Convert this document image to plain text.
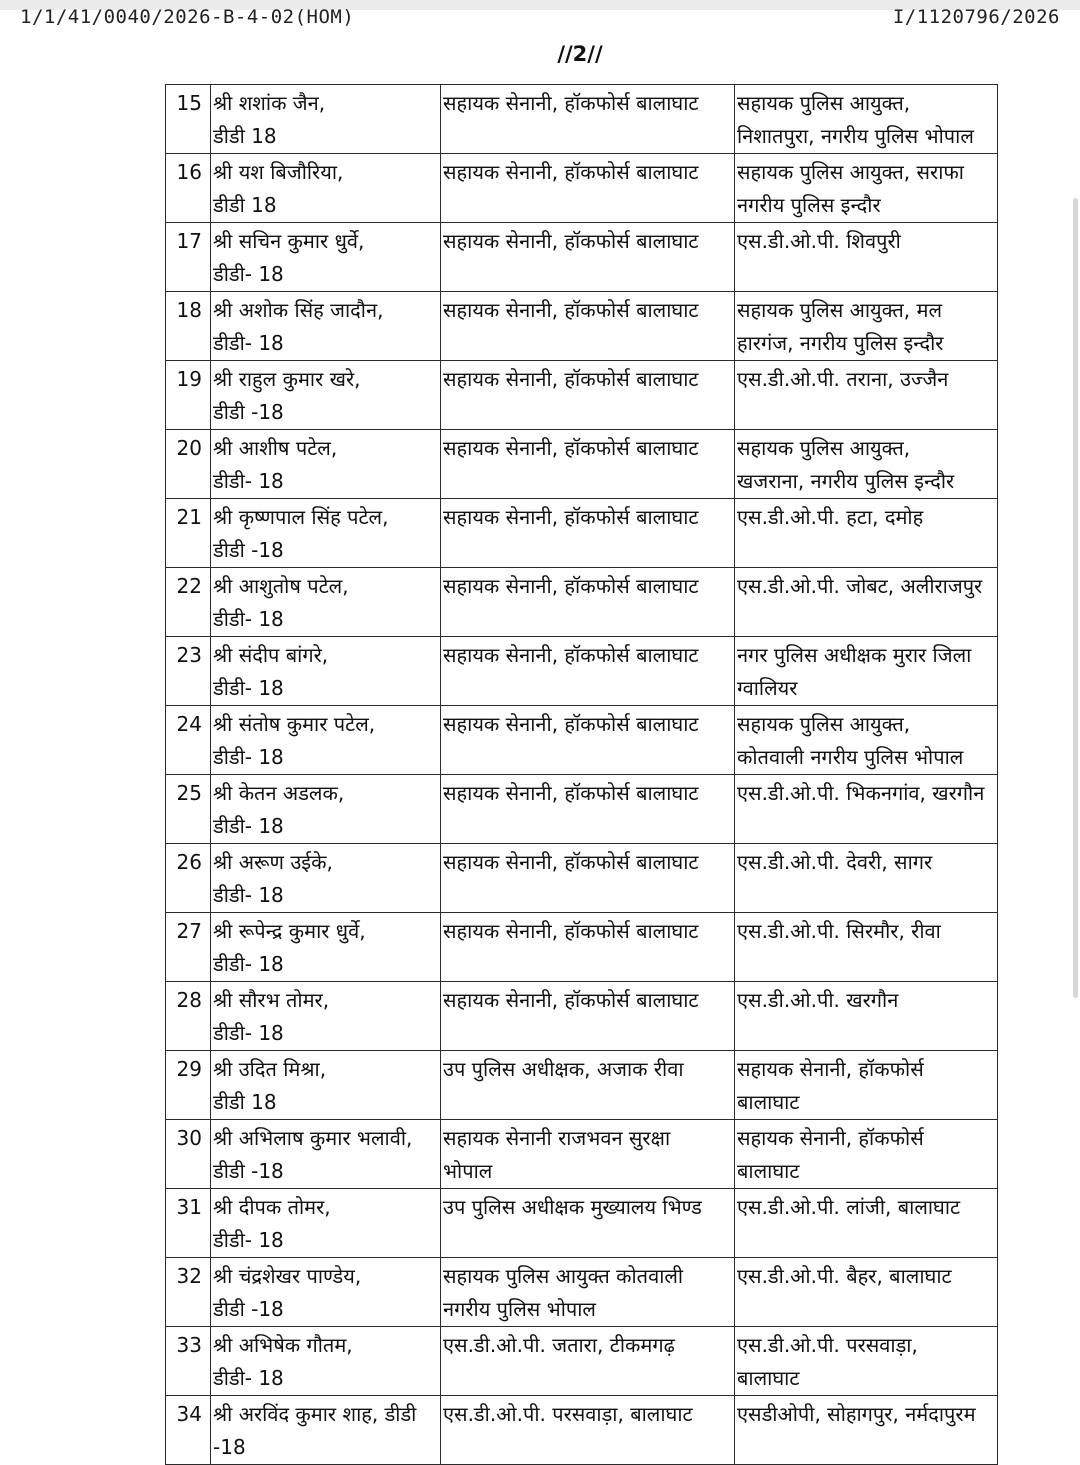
1/1/41/0040/2026-B-4-02(HOM)	I/1120796/2026
//2//
15	श्री शशांक जैन,
डीडी 18	सहायक सेनानी, हॉकफोर्स बालाघाट	सहायक पुलिस आयुक्त,
निशातपुरा, नगरीय पुलिस भोपाल

16	श्री यश बिजौरिया,
डीडी 18	सहायक सेनानी, हॉकफोर्स बालाघाट	सहायक पुलिस आयुक्त, सराफा
नगरीय पुलिस इन्दौर

17	श्री सचिन कुमार धुर्वे,
डीडी- 18	सहायक सेनानी, हॉकफोर्स बालाघाट	एस.डी.ओ.पी. शिवपुरी

18	श्री अशोक सिंह जादौन,
डीडी- 18	सहायक सेनानी, हॉकफोर्स बालाघाट	सहायक पुलिस आयुक्त, मल
हारगंज, नगरीय पुलिस इन्दौर

19	श्री राहुल कुमार खरे,
डीडी -18	सहायक सेनानी, हॉकफोर्स बालाघाट	एस.डी.ओ.पी. तराना, उज्जैन

20	श्री आशीष पटेल,
डीडी- 18	सहायक सेनानी, हॉकफोर्स बालाघाट	सहायक पुलिस आयुक्त,
खजराना, नगरीय पुलिस इन्दौर

21	श्री कृष्णपाल सिंह पटेल,
डीडी -18	सहायक सेनानी, हॉकफोर्स बालाघाट	एस.डी.ओ.पी. हटा, दमोह

22	श्री आशुतोष पटेल,
डीडी- 18	सहायक सेनानी, हॉकफोर्स बालाघाट	एस.डी.ओ.पी. जोबट, अलीराजपुर

23	श्री संदीप बांगरे,
डीडी- 18	सहायक सेनानी, हॉकफोर्स बालाघाट	नगर पुलिस अधीक्षक मुरार जिला
ग्वालियर

24	श्री संतोष कुमार पटेल,
डीडी- 18	सहायक सेनानी, हॉकफोर्स बालाघाट	सहायक पुलिस आयुक्त,
कोतवाली नगरीय पुलिस भोपाल

25	श्री केतन अडलक,
डीडी- 18	सहायक सेनानी, हॉकफोर्स बालाघाट	एस.डी.ओ.पी. भिकनगांव, खरगौन

26	श्री अरूण उईके,
डीडी- 18	सहायक सेनानी, हॉकफोर्स बालाघाट	एस.डी.ओ.पी. देवरी, सागर

27	श्री रूपेन्द्र कुमार धुर्वे,
डीडी- 18	सहायक सेनानी, हॉकफोर्स बालाघाट	एस.डी.ओ.पी. सिरमौर, रीवा

28	श्री सौरभ तोमर,
डीडी- 18	सहायक सेनानी, हॉकफोर्स बालाघाट	एस.डी.ओ.पी. खरगौन

29	श्री उदित मिश्रा,
डीडी 18	उप पुलिस अधीक्षक, अजाक रीवा	सहायक सेनानी, हॉकफोर्स
बालाघाट

30	श्री अभिलाष कुमार भलावी,
डीडी -18	सहायक सेनानी राजभवन सुरक्षा
भोपाल	सहायक सेनानी, हॉकफोर्स
बालाघाट

31	श्री दीपक तोमर,
डीडी- 18	उप पुलिस अधीक्षक मुख्यालय भिण्ड	एस.डी.ओ.पी. लांजी, बालाघाट

32	श्री चंद्रशेखर पाण्डेय,
डीडी -18	सहायक पुलिस आयुक्त कोतवाली
नगरीय पुलिस भोपाल	एस.डी.ओ.पी. बैहर, बालाघाट

33	श्री अभिषेक गौतम,
डीडी- 18	एस.डी.ओ.पी. जतारा, टीकमगढ़	एस.डी.ओ.पी. परसवाड़ा,
बालाघाट

34	श्री अरविंद कुमार शाह, डीडी
-18	एस.डी.ओ.पी. परसवाड़ा, बालाघाट	एसडीओपी, सोहागपुर, नर्मदापुरम
